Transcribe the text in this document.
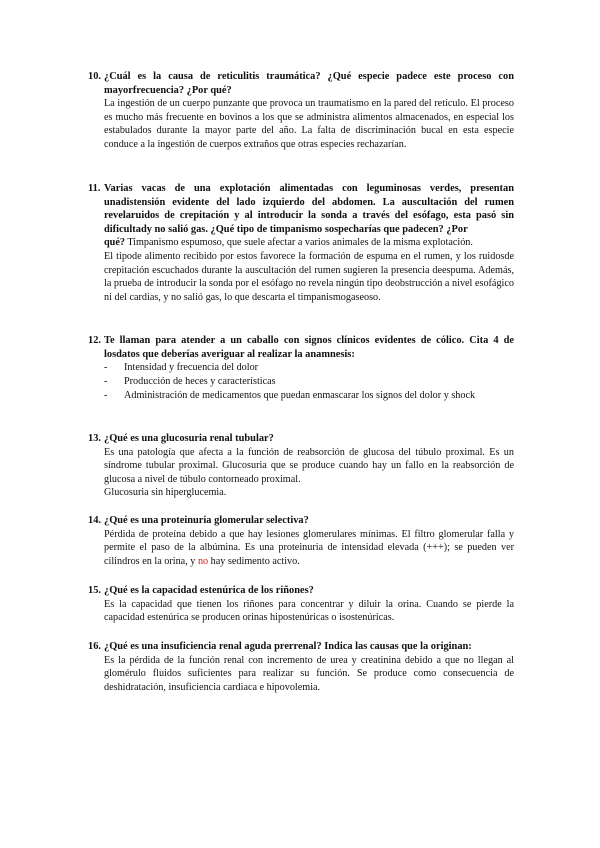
10. ¿Cuál es la causa de reticulitis traumática? ¿Qué especie padece este proceso con mayorfrecuencia? ¿Por qué?

La ingestión de un cuerpo punzante que provoca un traumatismo en la pared del retículo. El proceso es mucho más frecuente en bovinos a los que se administra alimentos almacenados, en especial los estabulados durante la mayor parte del año. La falta de discriminación bucal en esta especie conduce a la ingestión de cuerpos extraños que otras especies rechazarían.

11. Varias vacas de una explotación alimentadas con leguminosas verdes, presentan unadistensión evidente del lado izquierdo del abdomen. La auscultación del rumen revelaruidos de crepitación y al introducir la sonda a través del esófago, esta pasó sin dificultady no salió gas. ¿Qué tipo de timpanismo sospecharías que padecen? ¿Por

qué? Timpanismo espumoso, que suele afectar a varios animales de la misma explotación.

El tipode alimento recibido por estos favorece la formación de espuma en el rumen, y los ruidosde crepitación escuchados durante la auscultación del rumen sugieren la presencia deespuma. Además, la prueba de introducir la sonda por el esófago no revela ningún tipo deobstrucción a nivel esofágico ni del cardias, y no salió gas, lo que descarta el timpanismogaseoso.

12. Te llaman para atender a un caballo con signos clínicos evidentes de cólico. Cita 4 de losdatos que deberías averiguar al realizar la anamnesis:
- Intensidad y frecuencia del dolor
- Producción de heces y características
- Administración de medicamentos que puedan enmascarar los signos del dolor y shock
13. ¿Qué es una glucosuria renal tubular?

Es una patología que afecta a la función de reabsorción de glucosa del túbulo proximal. Es un síndrome tubular proximal. Glucosuria que se produce cuando hay un fallo en la reabsorción de glucosa a nivel de túbulo contorneado proximal.

Glucosuria sin hiperglucemia.

14. ¿Qué es una proteinuria glomerular selectiva?

Pérdida de proteína debido a que hay lesiones glomerulares mínimas. El filtro glomerular falla y permite el paso de la albúmina. Es una proteinuria de intensidad elevada (+++); se pueden ver cilindros en la orina, y no hay sedimento activo.

15. ¿Qué es la capacidad estenúrica de los riñones?

Es la capacidad que tienen los riñones para concentrar y diluir la orina. Cuando se pierde la capacidad estenúrica se producen orinas hipostenúricas o isostenúricas.

16. ¿Qué es una insuficiencia renal aguda prerrenal? Indica las causas que la originan:

Es la pérdida de la función renal con incremento de urea y creatinina debido a que no llegan al glomérulo fluidos suficientes para realizar su función. Se produce como consecuencia de deshidratación, insuficiencia cardiaca e hipovolemia.
